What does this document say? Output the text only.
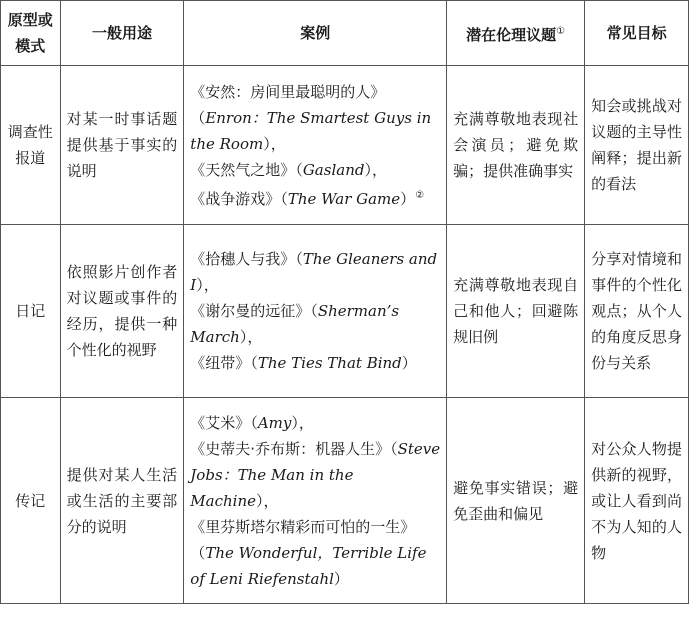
原型或模式	一般用途	案例	潜在伦理议题①	常见目标
调查性报道	对某一时事话题提供基于事实的说明	《安然：房间里最聪明的人》（Enron：The Smartest Guys in the Room），
《天然气之地》（Gasland），
《战争游戏》（The War Game）②	充满尊敬地表现社会演员；避免欺骗；提供准确事实	知会或挑战对议题的主导性阐释；提出新的看法
日记	依照影片创作者对议题或事件的经历，提供一种个性化的视野	《拾穗人与我》（The Gleaners and I），
《谢尔曼的远征》（Sherman’s March），
《纽带》（The Ties That Bind）	充满尊敬地表现自己和他人；回避陈规旧例	分享对情境和事件的个性化观点；从个人的角度反思身份与关系
传记	提供对某人生活或生活的主要部分的说明	《艾米》（Amy），
《史蒂夫·乔布斯：机器人生》（Steve Jobs：The Man in the Machine），
《里芬斯塔尔精彩而可怕的一生》（The Wonderful，Terrible Life of Leni Riefenstahl）	避免事实错误；避免歪曲和偏见	对公众人物提供新的视野，或让人看到尚不为人知的人物
